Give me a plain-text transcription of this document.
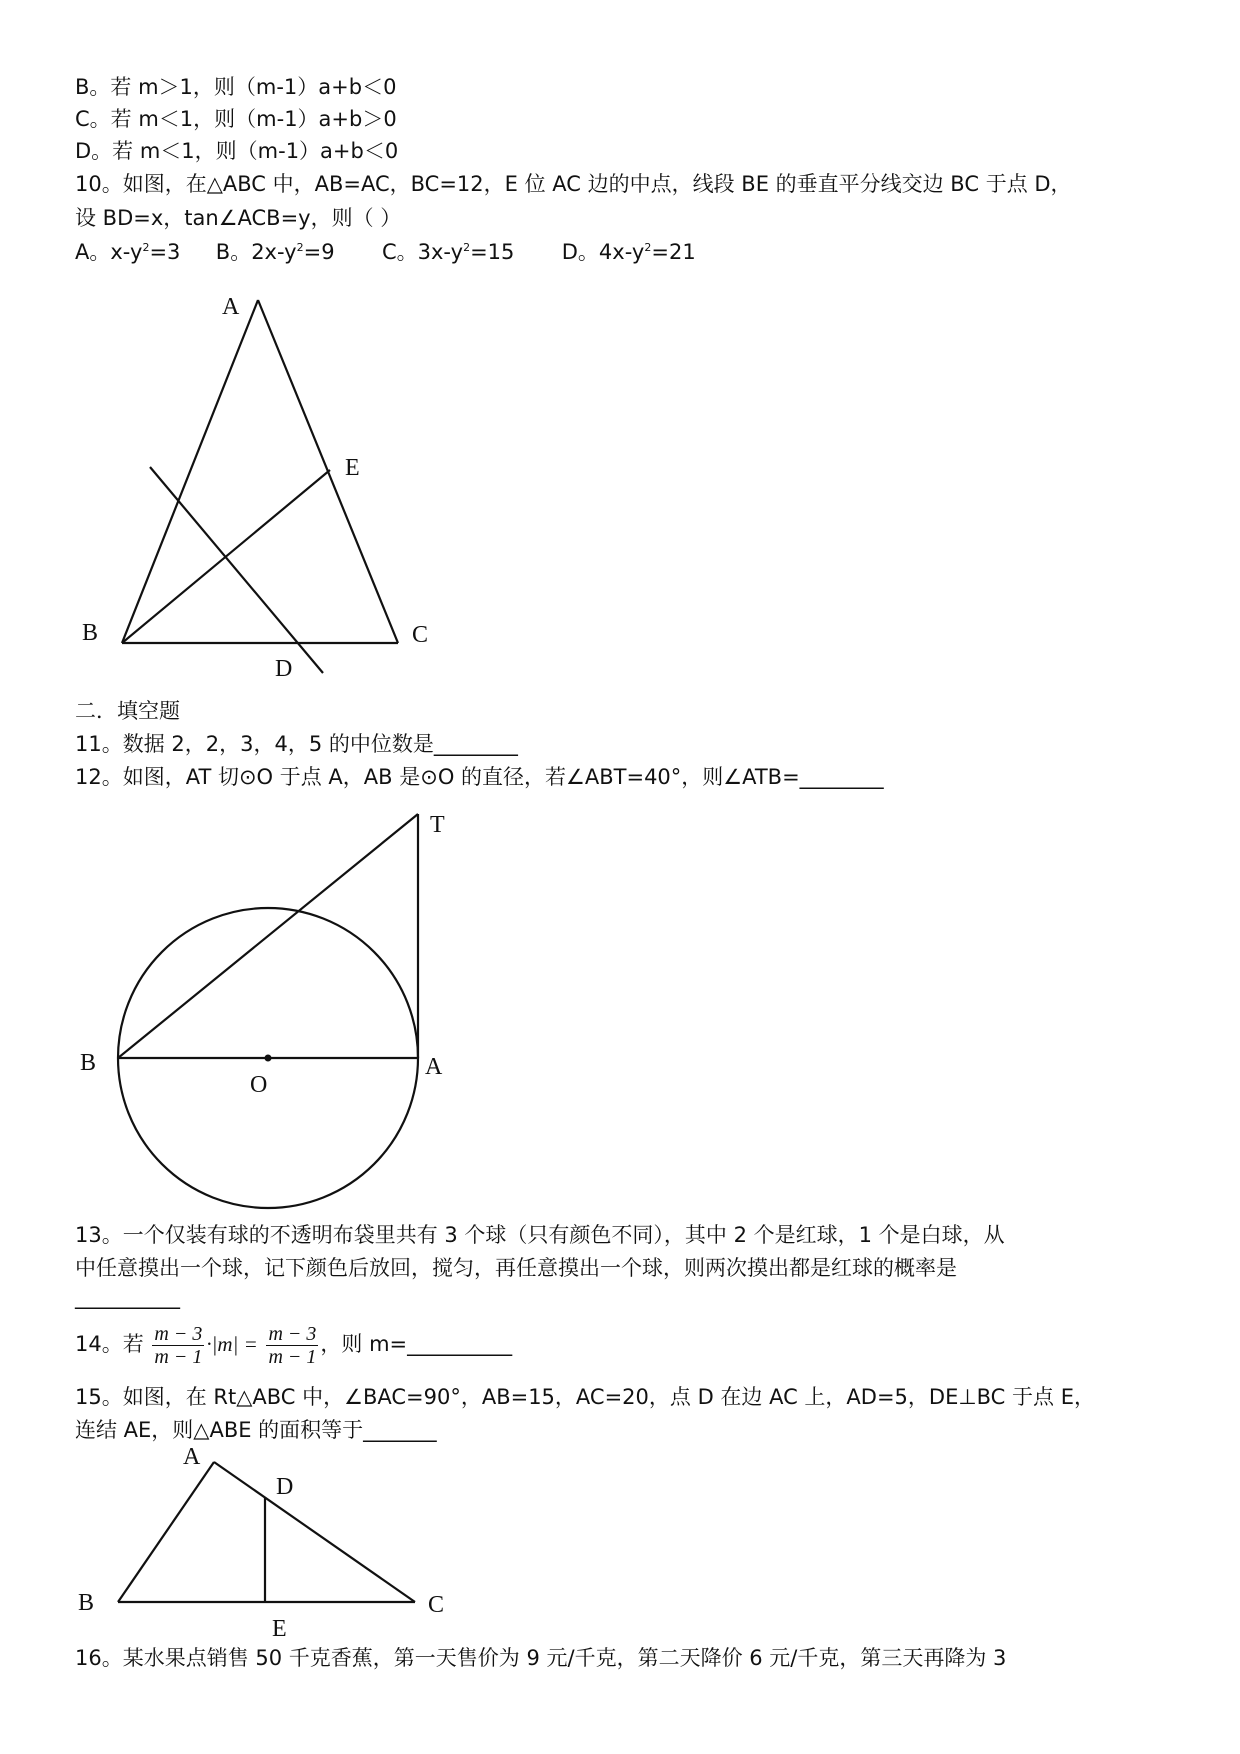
B。若 m＞1，则（m-1）a+b＜0
C。若 m＜1，则（m-1）a+b＞0
D。若 m＜1，则（m-1）a+b＜0
10。如图，在△ABC 中，AB=AC，BC=12，E 位 AC 边的中点，线段 BE 的垂直平分线交边 BC 于点 D，
设 BD=x，tan∠ACB=y，则（ ）
A。$x-y^2=3$ B。$2x-y^2=9$ C。$3x-y^2=15$ D。$4x-y^2=21$
A
E
B	C
D
二．填空题
11。数据 2，2，3，4，5 的中位数是________
12。如图，AT 切⊙O 于点 A，AB 是⊙O 的直径，若∠ABT=40°，则∠ATB=________
T
B
O
A
13。一个仅装有球的不透明布袋里共有 3 个球（只有颜色不同），其中 2 个是红球，1 个是白球，从
中任意摸出一个球，记下颜色后放回，搅匀，再任意摸出一个球，则两次摸出都是红球的概率是
__________
14。若 $\frac{m - 3}{m - 1} \cdot|m| = \frac{m - 3}{m - 1}$ ，则 m=__________
15。如图，在 Rt△ABC 中，∠BAC=90°，AB=15，AC=20，点 D 在边 AC 上，AD=5，DE⊥BC 于点 E，
连结 AE，则△ABE 的面积等于_______
A
D
B	C
E
16。某水果点销售 50 千克香蕉，第一天售价为 9 元/千克，第二天降价 6 元/千克，第三天再降为 3
